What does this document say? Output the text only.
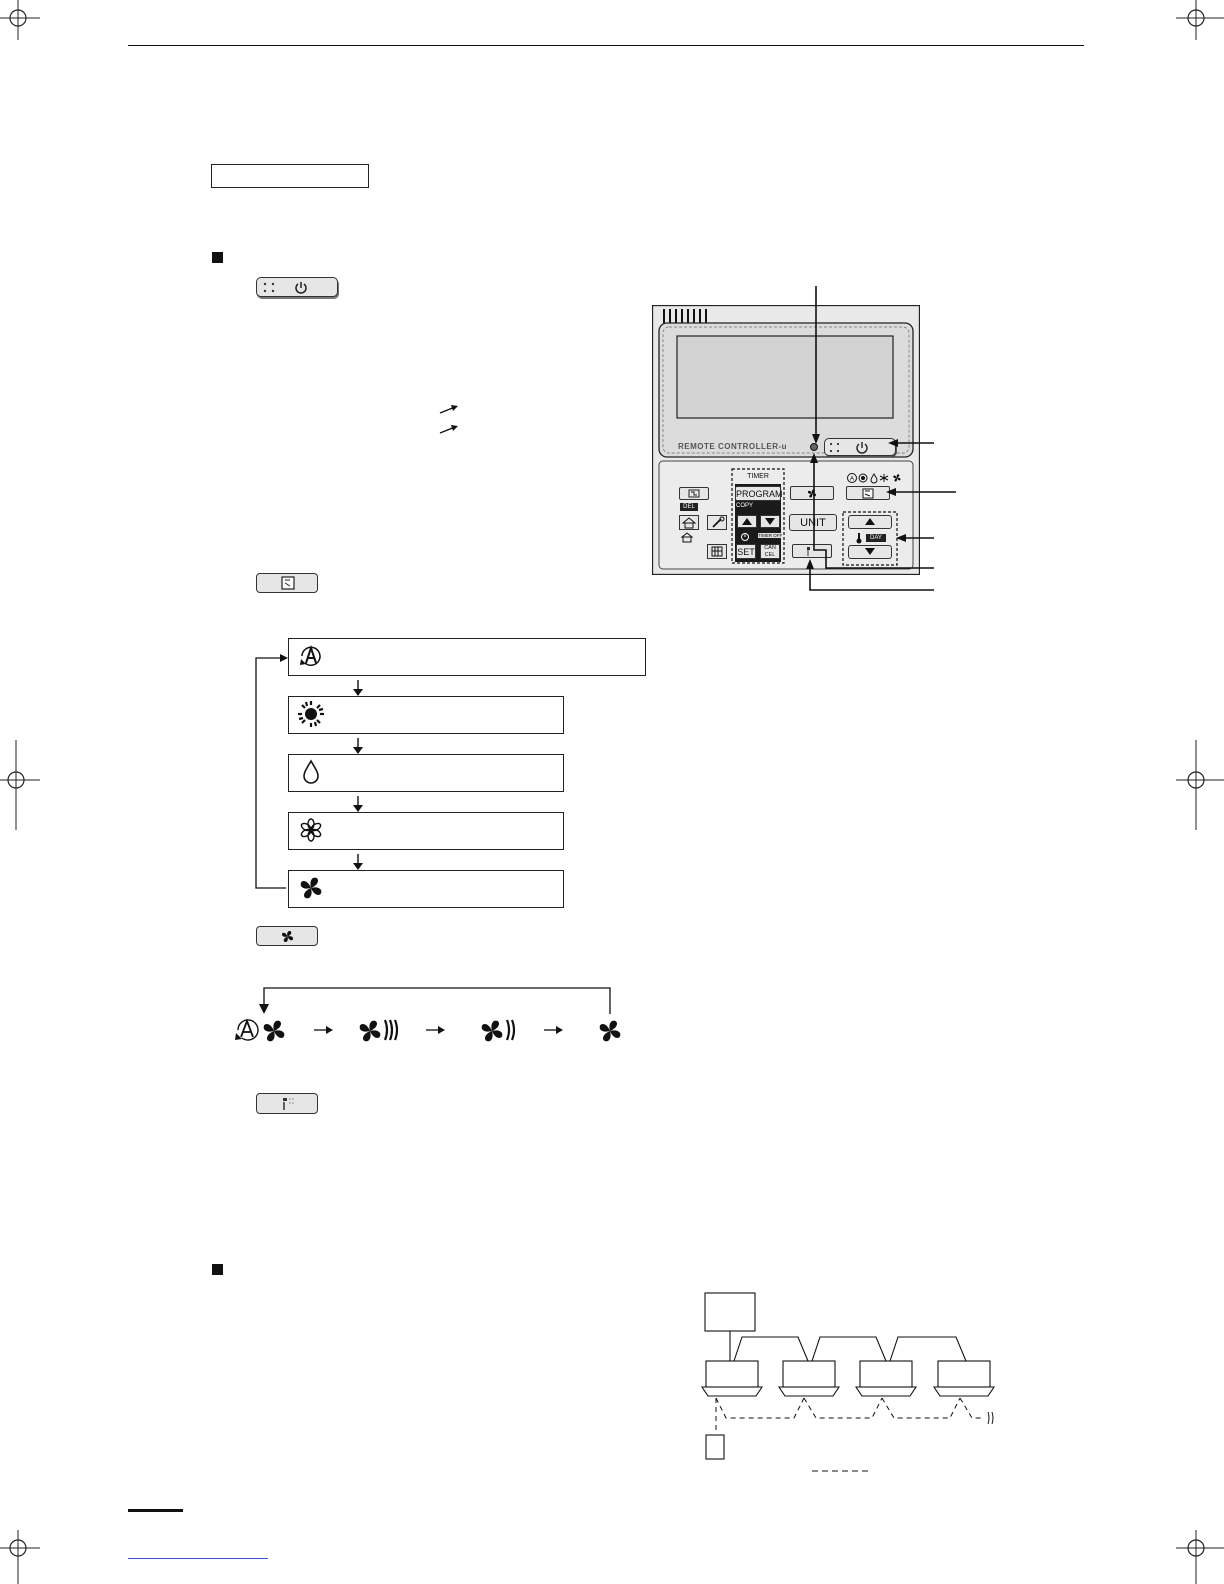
REMOTE CONTROLLER-u
TIMER
PROGRAM
COPY
TIMER OFF
SET	CAN
CEL
DEL
A
UNIT
DAY
